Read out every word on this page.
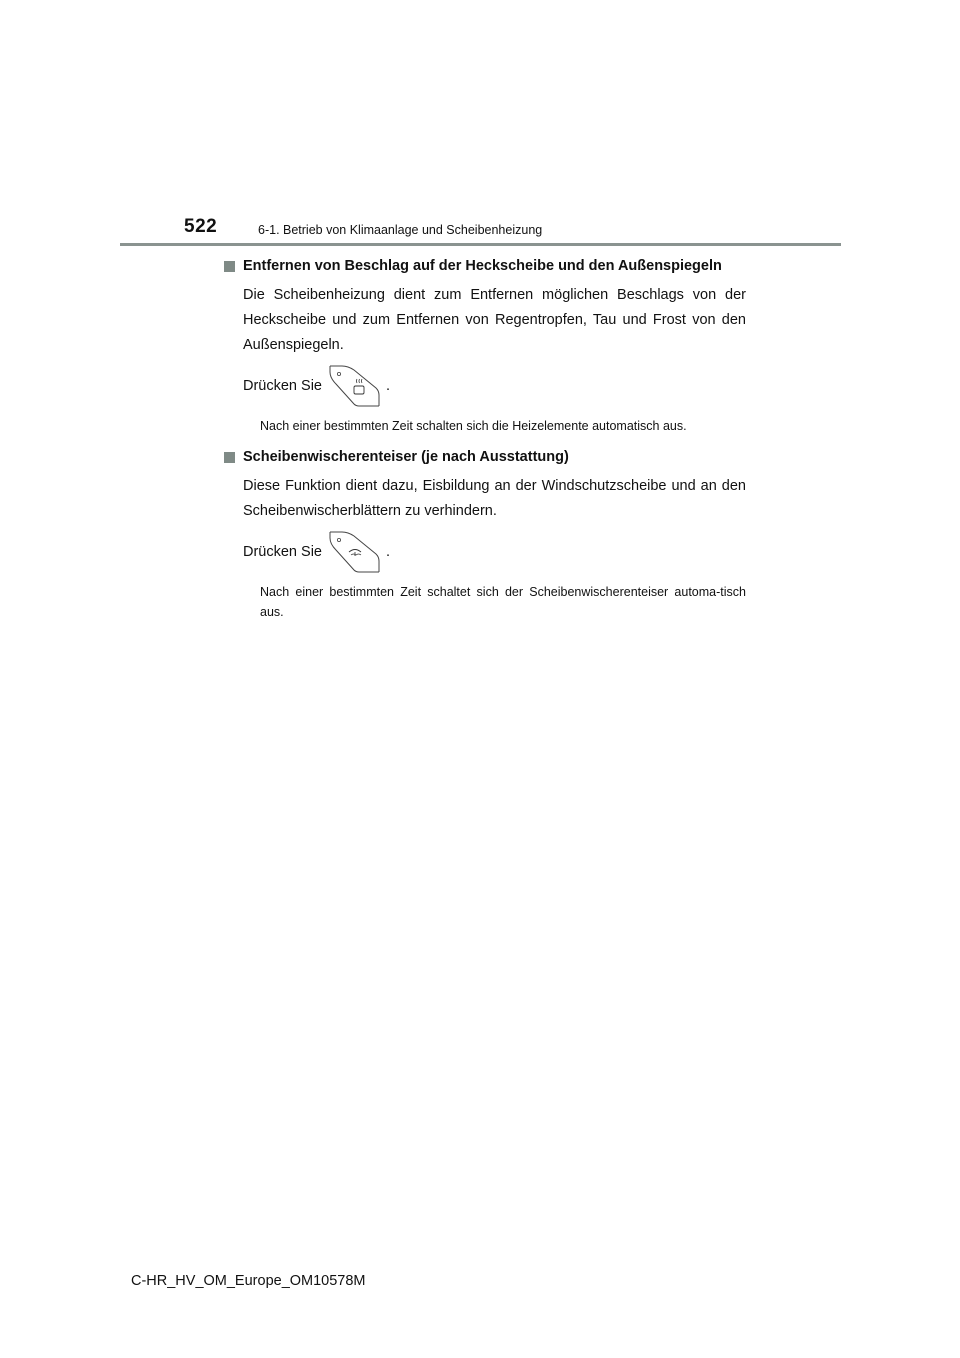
522	6-1. Betrieb von Klimaanlage und Scheibenheizung
Entfernen von Beschlag auf der Heckscheibe und den Außenspiegeln

Die Scheibenheizung dient zum Entfernen möglichen Beschlags von der Heckscheibe und zum Entfernen von Regentropfen, Tau und Frost von den Außenspiegeln.

Drücken Sie	.

Nach einer bestimmten Zeit schalten sich die Heizelemente automatisch aus.

Scheibenwischerenteiser (je nach Ausstattung)

Diese Funktion dient dazu, Eisbildung an der Windschutzscheibe und an den Scheibenwischerblättern zu verhindern.

Drücken Sie	.

Nach einer bestimmten Zeit schaltet sich der Scheibenwischerenteiser automa-tisch aus.

C-HR_HV_OM_Europe_OM10578M
